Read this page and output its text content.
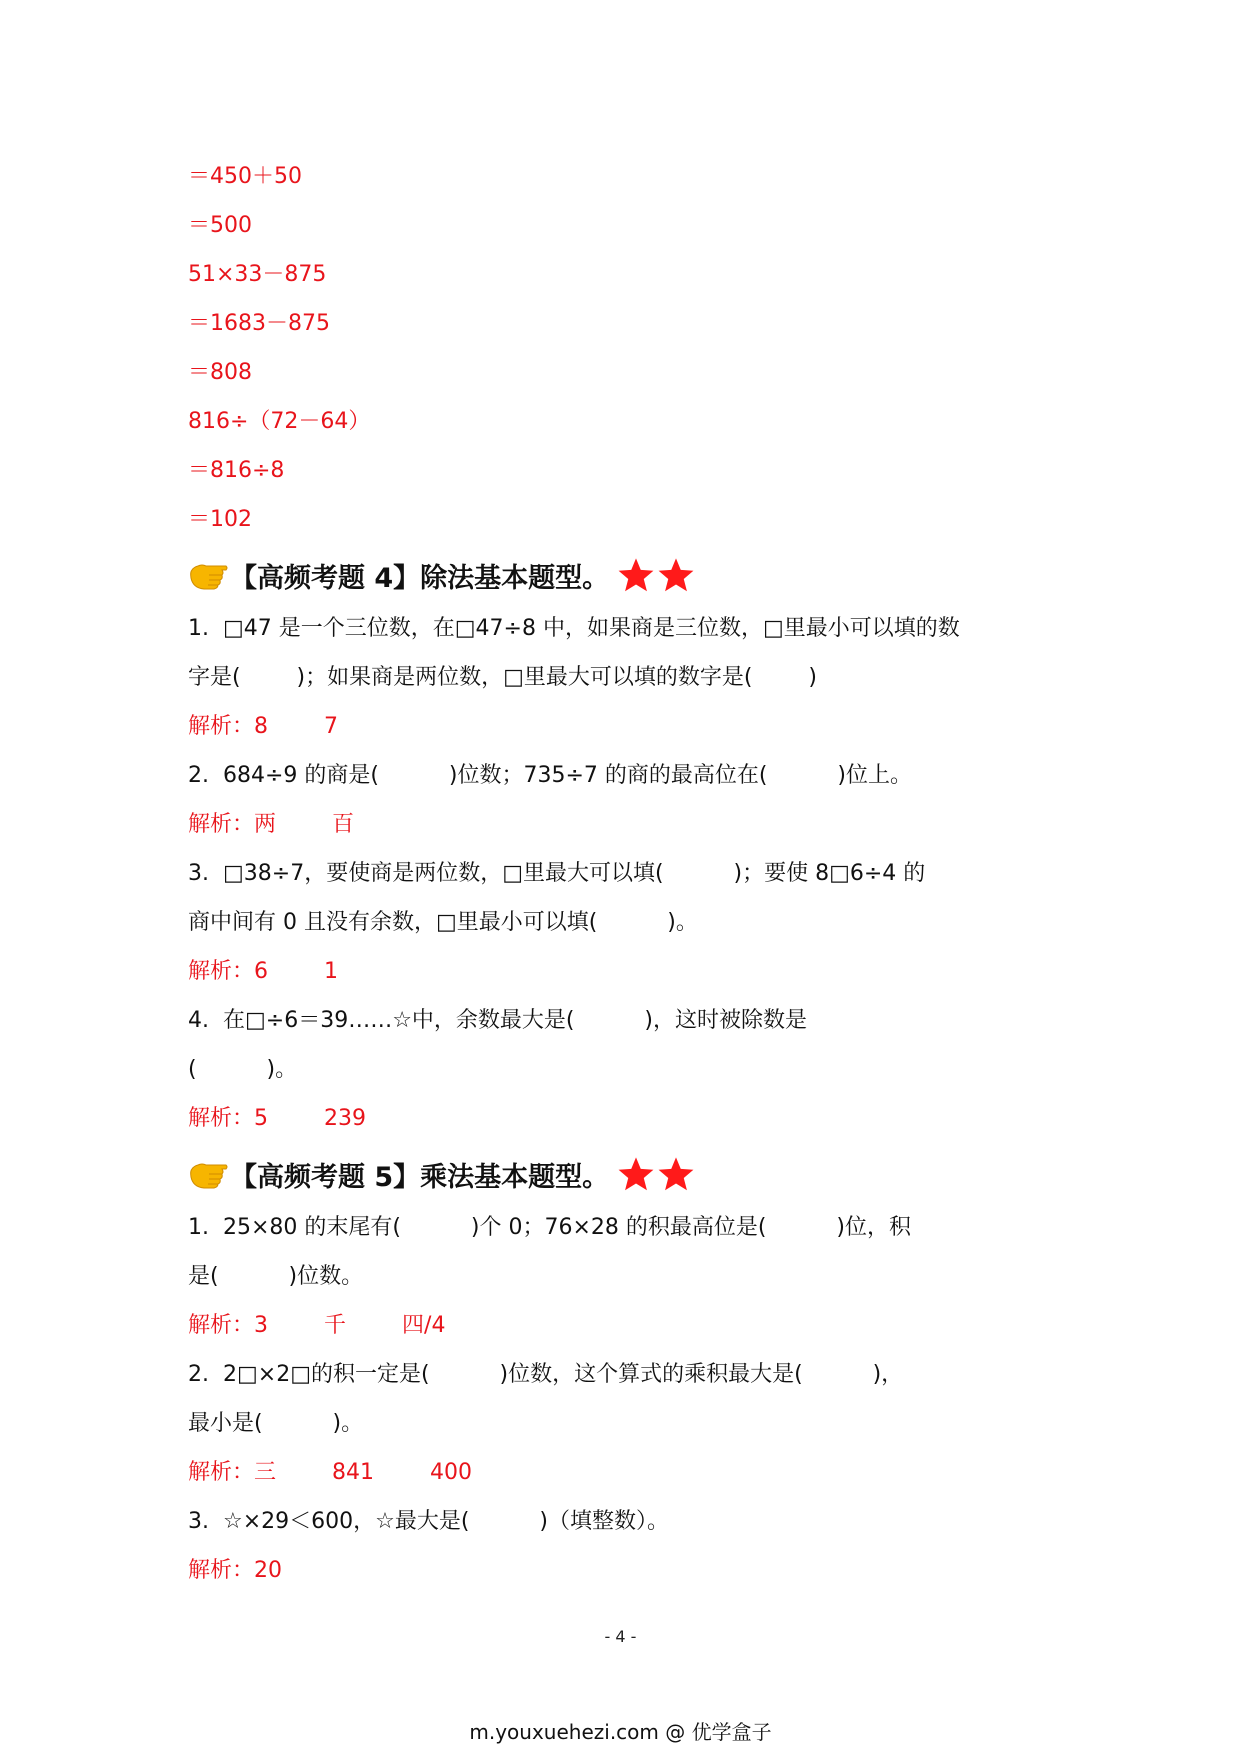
＝450＋50
＝500
51×33－875
＝1683－875
＝808
816÷（72－64）
＝816÷8
＝102
【高频考题 4】除法基本题型。
1.  □47 是一个三位数，在□47÷8 中，如果商是三位数，□里最小可以填的数
字是(        )；如果商是两位数，□里最大可以填的数字是(        )
解析：8	7
2.  684÷9 的商是(          )位数；735÷7 的商的最高位在(          )位上。
解析：两	百
3.  □38÷7，要使商是两位数，□里最大可以填(          )；要使 8□6÷4 的
商中间有 0 且没有余数，□里最小可以填(          )。
解析：6	1
4.  在□÷6＝39……☆中，余数最大是(          )，这时被除数是
(          )。
解析：5	239
【高频考题 5】乘法基本题型。
1.  25×80 的末尾有(          )个 0；76×28 的积最高位是(          )位，积
是(          )位数。
解析：3	千	四/4
2.  2□×2□的积一定是(          )位数，这个算式的乘积最大是(          )，
最小是(          )。
解析：三	841	400
3.  ☆×29＜600，☆最大是(          )（填整数）。
解析：20
- 4 -
m.youxuehezi.com @ 优学盒子
